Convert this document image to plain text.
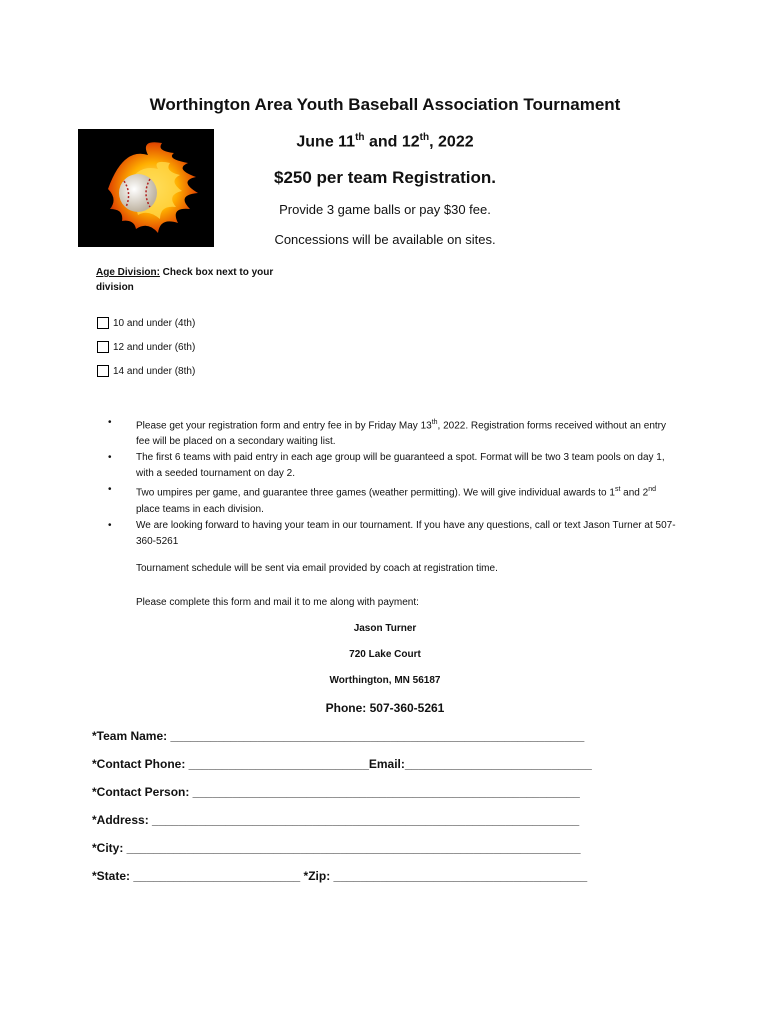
Worthington Area Youth Baseball Association Tournament
June 11th and 12th, 2022
$250 per team Registration.
Provide 3 game balls or pay $30 fee.
Concessions will be available on sites.
Age Division: Check box next to your division
10 and under (4th)
12 and under (6th)
14 and under (8th)
• Please get your registration form and entry fee in by Friday May 13th, 2022. Registration forms received without an entry fee will be placed on a secondary waiting list.
• The first 6 teams with paid entry in each age group will be guaranteed a spot. Format will be two 3 team pools on day 1, with a seeded tournament on day 2.
• Two umpires per game, and guarantee three games (weather permitting). We will give individual awards to 1st and 2nd place teams in each division.
• We are looking forward to having your team in our tournament. If you have any questions, call or text Jason Turner at 507-360-5261
Tournament schedule will be sent via email provided by coach at registration time.
Please complete this form and mail it to me along with payment:
Jason Turner
720 Lake Court
Worthington, MN 56187
Phone: 507-360-5261
*Team Name: ______________________________________________________________
*Contact Phone: ___________________________Email:____________________________
*Contact Person: __________________________________________________________
*Address: ________________________________________________________________
*City: ____________________________________________________________________
*State: _________________________ *Zip: ______________________________________
